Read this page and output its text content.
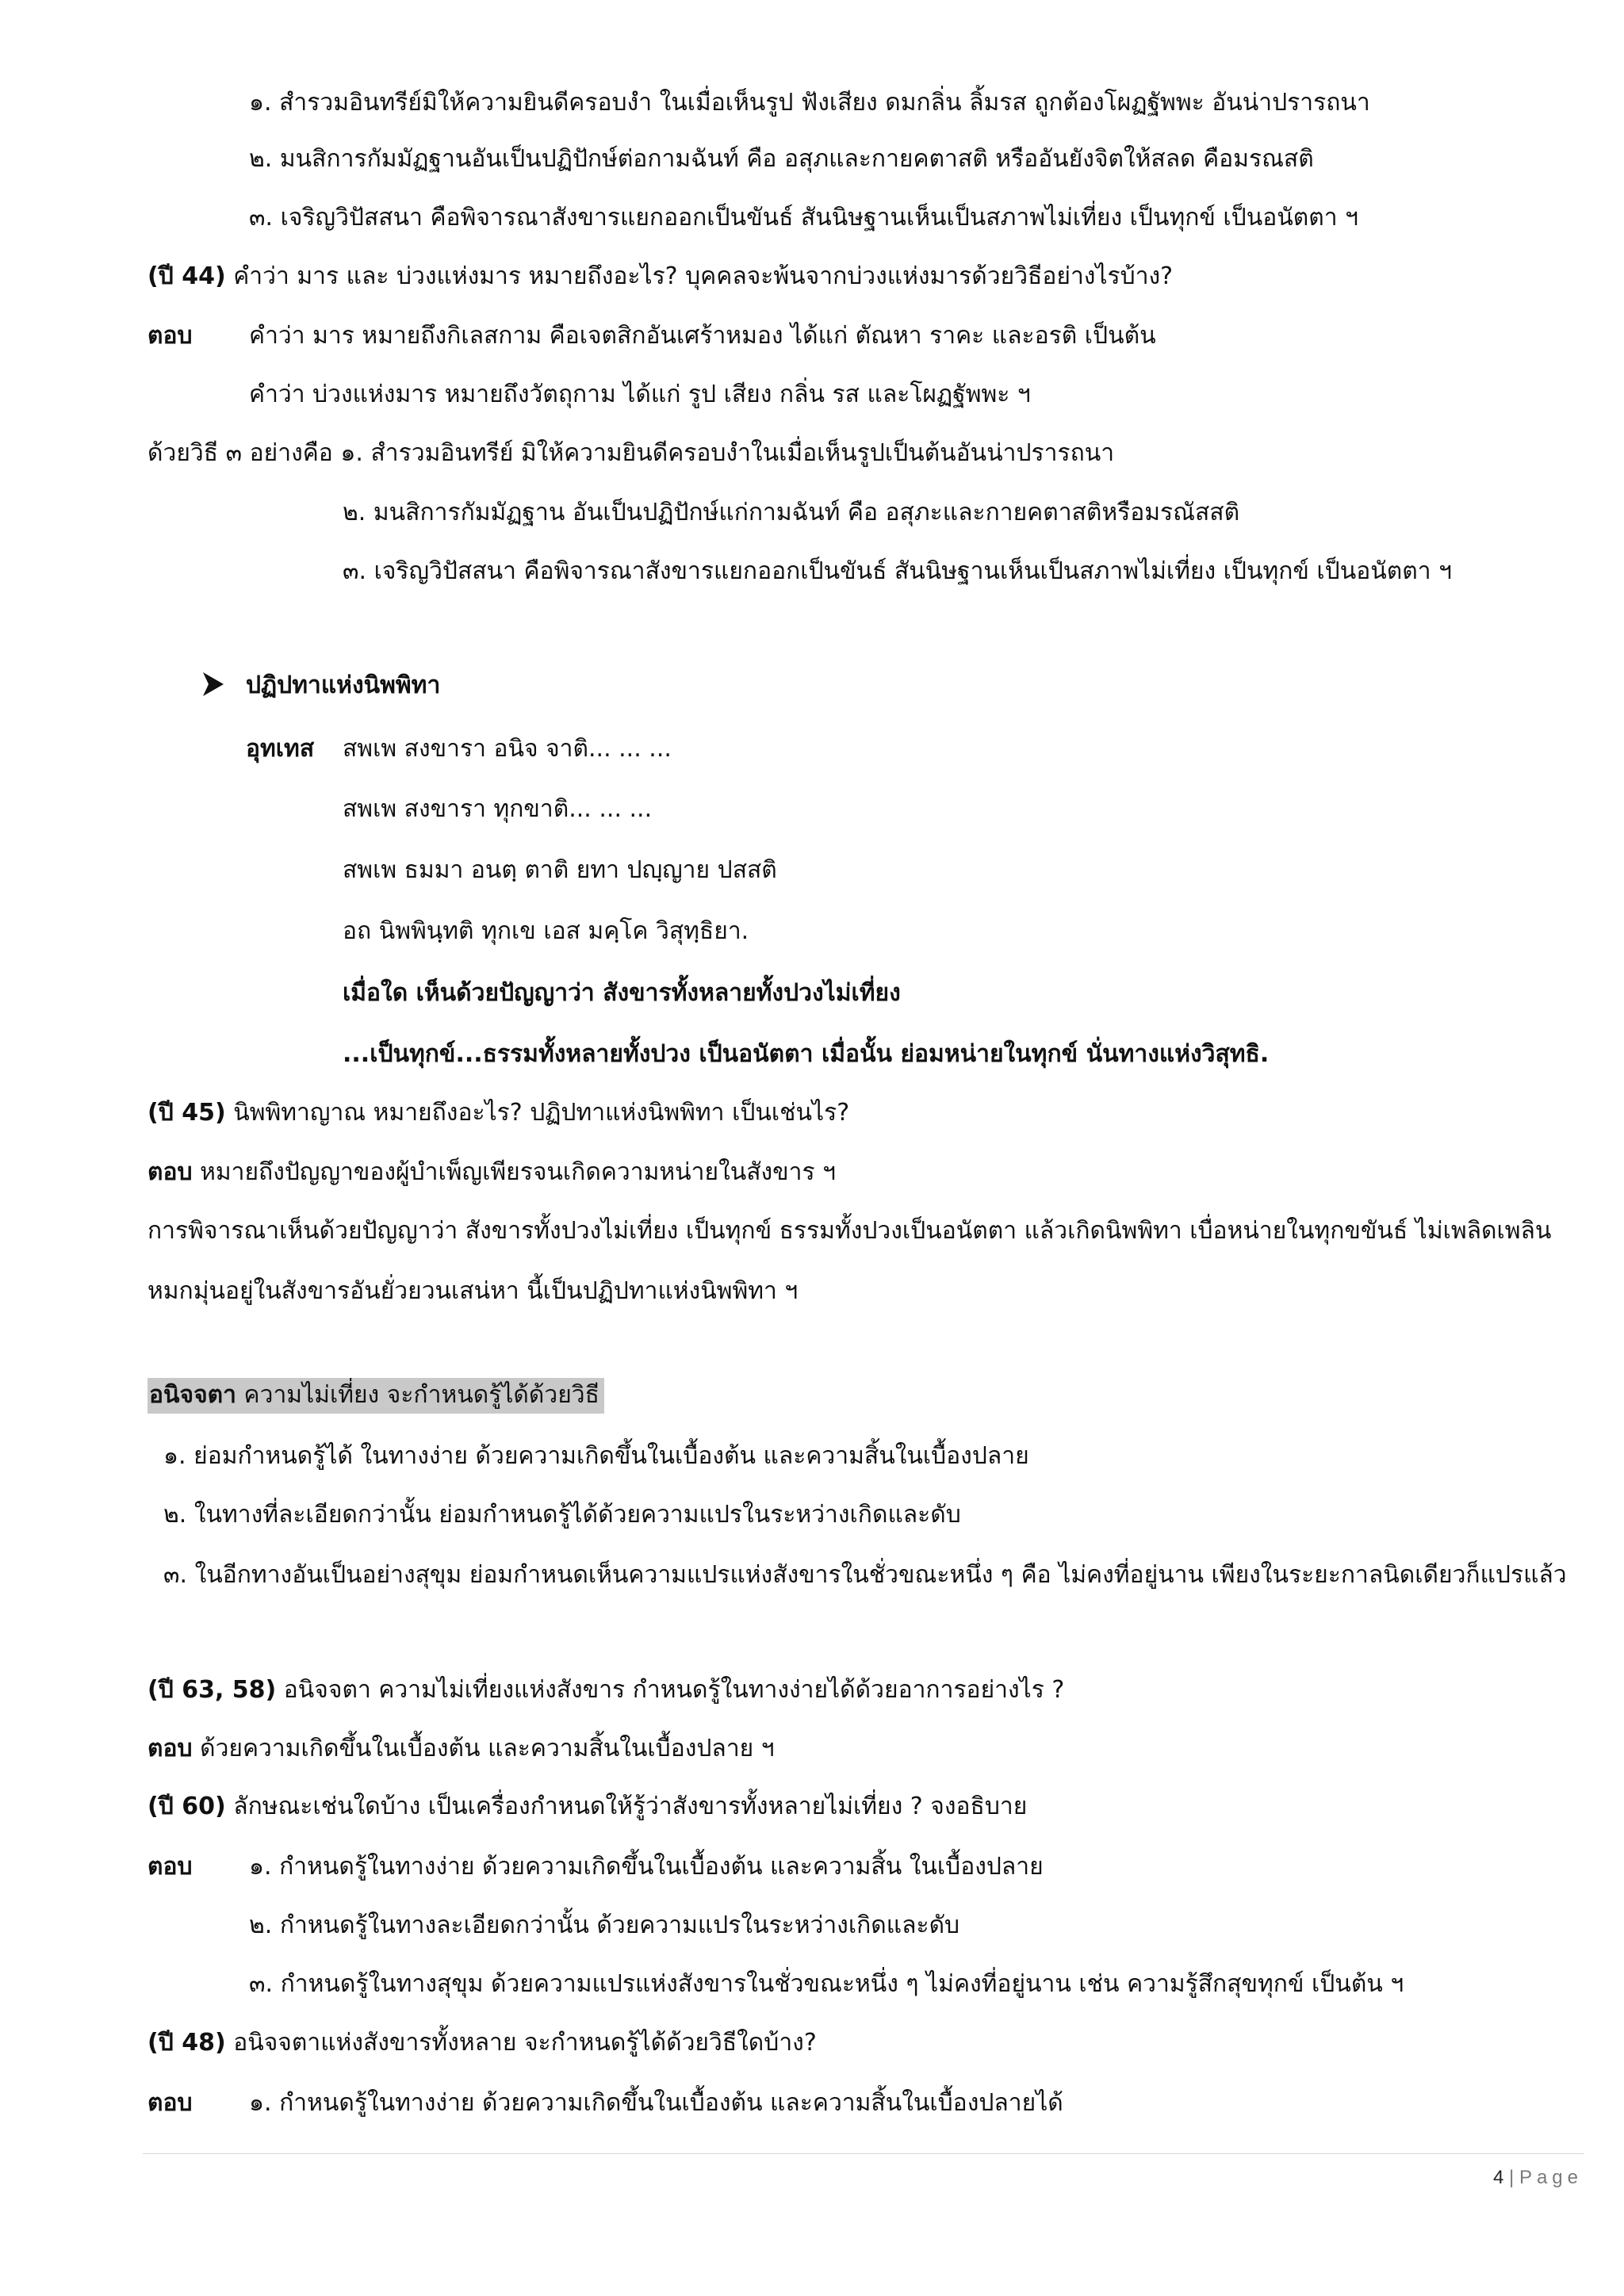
๑. สำรวมอินทรีย์มิให้ความยินดีครอบงำ ในเมื่อเห็นรูป ฟังเสียง ดมกลิ่น ลิ้มรส ถูกต้องโผฏฐัพพะ อันน่าปรารถนา
๒. มนสิการกัมมัฏฐานอันเป็นปฏิปักษ์ต่อกามฉันท์ คือ อสุภและกายคตาสติ หรืออันยังจิตให้สลด คือมรณสติ
๓. เจริญวิปัสสนา คือพิจารณาสังขารแยกออกเป็นขันธ์ สันนิษฐานเห็นเป็นสภาพไม่เที่ยง เป็นทุกข์ เป็นอนัตตา ฯ
(ปี 44) คำว่า มาร และ บ่วงแห่งมาร หมายถึงอะไร? บุคคลจะพ้นจากบ่วงแห่งมารด้วยวิธีอย่างไรบ้าง?
ตอบ คำว่า มาร หมายถึงกิเลสกาม คือเจตสิกอันเศร้าหมอง ได้แก่ ตัณหา ราคะ และอรติ เป็นต้น
คำว่า บ่วงแห่งมาร หมายถึงวัตถุกาม ได้แก่ รูป เสียง กลิ่น รส และโผฏฐัพพะ ฯ
ด้วยวิธี ๓ อย่างคือ ๑. สำรวมอินทรีย์ มิให้ความยินดีครอบงำในเมื่อเห็นรูปเป็นต้นอันน่าปรารถนา
๒. มนสิการกัมมัฏฐาน อันเป็นปฏิปักษ์แก่กามฉันท์ คือ อสุภะและกายคตาสติหรือมรณัสสติ
๓. เจริญวิปัสสนา คือพิจารณาสังขารแยกออกเป็นขันธ์ สันนิษฐานเห็นเป็นสภาพไม่เที่ยง เป็นทุกข์ เป็นอนัตตา ฯ
ปฏิปทาแห่งนิพพิทา
อุทเทส สพเพ สงขารา อนิจ จาติ... ... ...
สพเพ สงขารา ทุกขาติ... ... ...
สพเพ ธมมา อนตฺ ตาติ ยทา ปญฺญาย ปสสติ
อถ นิพพินฺทติ ทุกเข เอส มคฺโค วิสุทฺธิยา.
เมื่อใด เห็นด้วยปัญญาว่า สังขารทั้งหลายทั้งปวงไม่เที่ยง
...เป็นทุกข์...ธรรมทั้งหลายทั้งปวง เป็นอนัตตา เมื่อนั้น ย่อมหน่ายในทุกข์ นั่นทางแห่งวิสุทธิ.
(ปี 45) นิพพิทาญาณ หมายถึงอะไร? ปฏิปทาแห่งนิพพิทา เป็นเช่นไร?
ตอบ หมายถึงปัญญาของผู้บำเพ็ญเพียรจนเกิดความหน่ายในสังขาร ฯ
การพิจารณาเห็นด้วยปัญญาว่า สังขารทั้งปวงไม่เที่ยง เป็นทุกข์ ธรรมทั้งปวงเป็นอนัตตา แล้วเกิดนิพพิทา เบื่อหน่ายในทุกขขันธ์ ไม่เพลิดเพลิน
หมกมุ่นอยู่ในสังขารอันยั่วยวนเสน่หา นี้เป็นปฏิปทาแห่งนิพพิทา ฯ
อนิจจตา ความไม่เที่ยง จะกำหนดรู้ได้ด้วยวิธี
๑. ย่อมกำหนดรู้ได้ ในทางง่าย ด้วยความเกิดขึ้นในเบื้องต้น และความสิ้นในเบื้องปลาย
๒. ในทางที่ละเอียดกว่านั้น ย่อมกำหนดรู้ได้ด้วยความแปรในระหว่างเกิดและดับ
๓. ในอีกทางอันเป็นอย่างสุขุม ย่อมกำหนดเห็นความแปรแห่งสังขารในชั่วขณะหนึ่ง ๆ คือ ไม่คงที่อยู่นาน เพียงในระยะกาลนิดเดียวก็แปรแล้ว
(ปี 63, 58) อนิจจตา ความไม่เที่ยงแห่งสังขาร กำหนดรู้ในทางง่ายได้ด้วยอาการอย่างไร ?
ตอบ ด้วยความเกิดขึ้นในเบื้องต้น และความสิ้นในเบื้องปลาย ฯ
(ปี 60) ลักษณะเช่นใดบ้าง เป็นเครื่องกำหนดให้รู้ว่าสังขารทั้งหลายไม่เที่ยง ? จงอธิบาย
ตอบ ๑. กำหนดรู้ในทางง่าย ด้วยความเกิดขึ้นในเบื้องต้น และความสิ้น ในเบื้องปลาย
๒. กำหนดรู้ในทางละเอียดกว่านั้น ด้วยความแปรในระหว่างเกิดและดับ
๓. กำหนดรู้ในทางสุขุม ด้วยความแปรแห่งสังขารในชั่วขณะหนึ่ง ๆ ไม่คงที่อยู่นาน เช่น ความรู้สึกสุขทุกข์ เป็นต้น ฯ
(ปี 48) อนิจจตาแห่งสังขารทั้งหลาย จะกำหนดรู้ได้ด้วยวิธีใดบ้าง?
ตอบ ๑. กำหนดรู้ในทางง่าย ด้วยความเกิดขึ้นในเบื้องต้น และความสิ้นในเบื้องปลายได้
4 | Page
